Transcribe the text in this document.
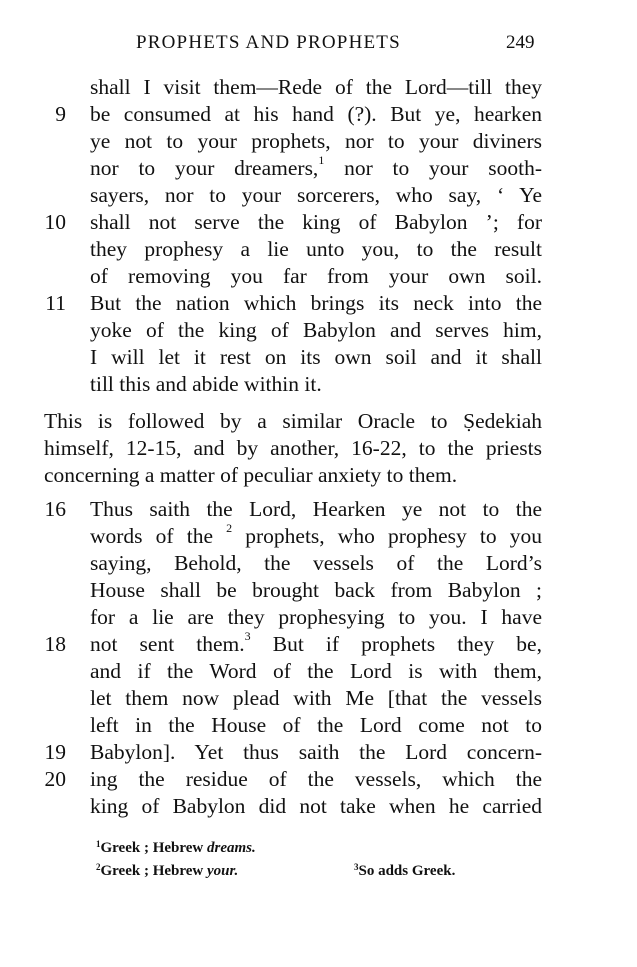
PROPHETS AND PROPHETS	249
shall I visit them—Rede of the Lord—till they
9 be consumed at his hand (?). But ye, hearken
ye not to your prophets, nor to your diviners
nor to your dreamers,$^1$ nor to your sooth-
sayers, nor to your sorcerers, who say, ‘ Ye
10 shall not serve the king of Babylon ’; for
they prophesy a lie unto you, to the result
of removing you far from your own soil.
11 But the nation which brings its neck into the
yoke of the king of Babylon and serves him,
I will let it rest on its own soil and it shall
till this and abide within it.
This is followed by a similar Oracle to Ṣedekiah
himself, 12-15, and by another, 16-22, to the priests
concerning a matter of peculiar anxiety to them.
16 Thus saith the Lord, Hearken ye not to the
words of the $^2$ prophets, who prophesy to you
saying, Behold, the vessels of the Lord’s
House shall be brought back from Babylon ;
for a lie are they prophesying to you. I have
18 not sent them.$^3$ But if prophets they be,
and if the Word of the Lord is with them,
let them now plead with Me [that the vessels
left in the House of the Lord come not to
19 Babylon]. Yet thus saith the Lord concern-
20 ing the residue of the vessels, which the
king of Babylon did not take when he carried
$^1$Greek ; Hebrew dreams.
$^2$Greek ; Hebrew your.	$^3$So adds Greek.
